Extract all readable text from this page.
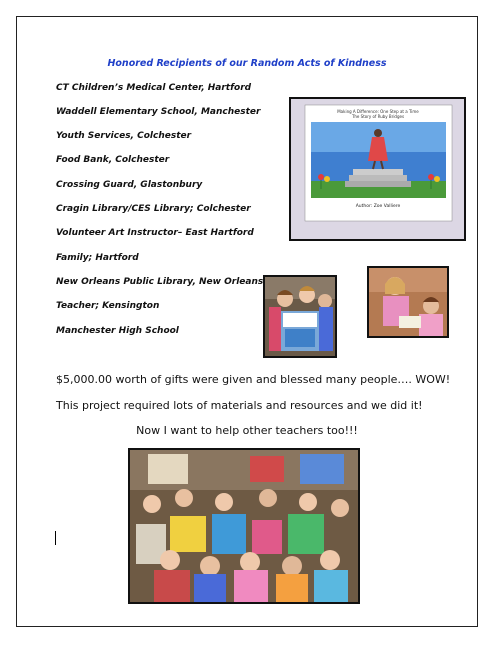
Honored Recipients of our Random Acts of Kindness
CT Children’s Medical Center, Hartford
Waddell Elementary School, Manchester
Youth Services, Colchester
Food Bank, Colchester
Crossing Guard, Glastonbury
Cragin Library/CES Library; Colchester
Volunteer Art Instructor– East Hartford
Family; Hartford
New Orleans Public Library, New Orleans
Teacher; Kensington
Manchester High School
Making A Difference: One Step at a Time
The Story of Ruby Bridges
Author: Zoe Valliere
$5,000.00 worth of gifts were given and blessed many people…. WOW!
This project required lots of materials and resources and we did it!
Now I want to help other teachers too!!!
